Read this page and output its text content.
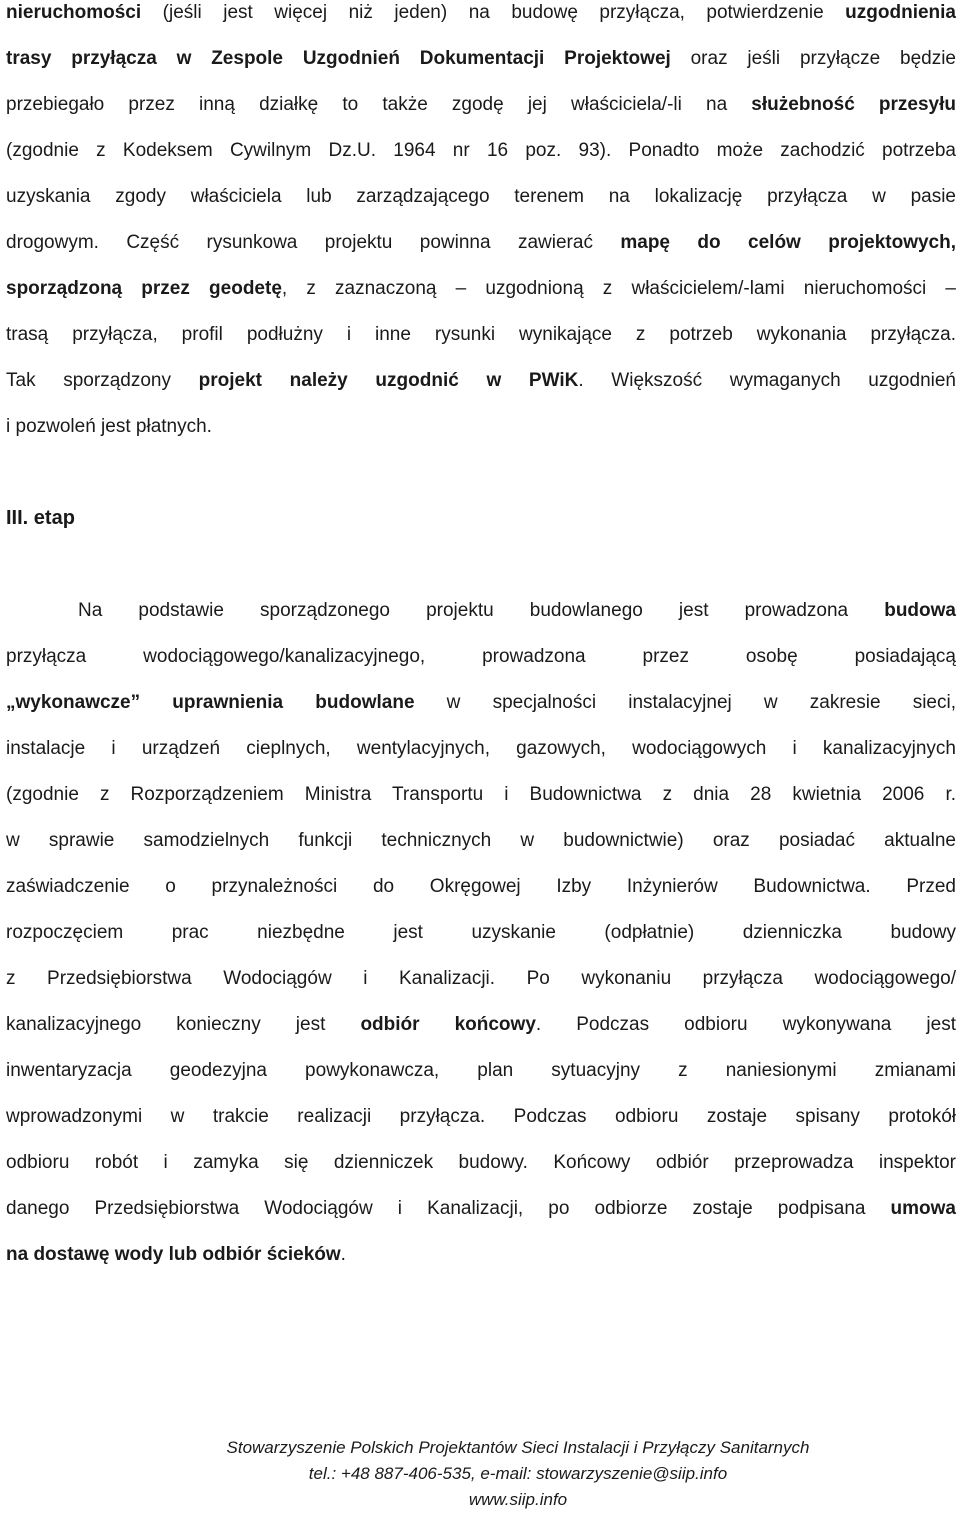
nieruchomości (jeśli jest więcej niż jeden) na budowę przyłącza, potwierdzenie uzgodnienia
trasy przyłącza w Zespole Uzgodnień Dokumentacji Projektowej oraz jeśli przyłącze będzie
przebiegało przez inną działkę to także zgodę jej właściciela/-li na służebność przesyłu
(zgodnie z Kodeksem Cywilnym Dz.U. 1964 nr 16 poz. 93). Ponadto może zachodzić potrzeba
uzyskania zgody właściciela lub zarządzającego terenem na lokalizację przyłącza w pasie
drogowym. Część rysunkowa projektu powinna zawierać mapę do celów projektowych,
sporządzoną przez geodetę, z zaznaczoną – uzgodnioną z właścicielem/-lami nieruchomości –
trasą przyłącza, profil podłużny i inne rysunki wynikające z potrzeb wykonania przyłącza.
Tak sporządzony projekt należy uzgodnić w PWiK. Większość wymaganych uzgodnień
i pozwoleń jest płatnych.
III. etap
Na podstawie sporządzonego projektu budowlanego jest prowadzona budowa
przyłącza wodociągowego/kanalizacyjnego, prowadzona przez osobę posiadającą
„wykonawcze” uprawnienia budowlane w specjalności instalacyjnej w zakresie sieci,
instalacje i urządzeń cieplnych, wentylacyjnych, gazowych, wodociągowych i kanalizacyjnych
(zgodnie z Rozporządzeniem Ministra Transportu i Budownictwa z dnia 28 kwietnia 2006 r.
w sprawie samodzielnych funkcji technicznych w budownictwie) oraz posiadać aktualne
zaświadczenie o przynależności do Okręgowej Izby Inżynierów Budownictwa. Przed
rozpoczęciem prac niezbędne jest uzyskanie (odpłatnie) dzienniczka budowy
z Przedsiębiorstwa Wodociągów i Kanalizacji. Po wykonaniu przyłącza wodociągowego/
kanalizacyjnego konieczny jest odbiór końcowy. Podczas odbioru wykonywana jest
inwentaryzacja geodezyjna powykonawcza, plan sytuacyjny z naniesionymi zmianami
wprowadzonymi w trakcie realizacji przyłącza. Podczas odbioru zostaje spisany protokół
odbioru robót i zamyka się dzienniczek budowy. Końcowy odbiór przeprowadza inspektor
danego Przedsiębiorstwa Wodociągów i Kanalizacji, po odbiorze zostaje podpisana umowa
na dostawę wody lub odbiór ścieków.
Stowarzyszenie Polskich Projektantów Sieci Instalacji i Przyłączy Sanitarnych
tel.: +48 887-406-535, e-mail: stowarzyszenie@siip.info
www.siip.info
